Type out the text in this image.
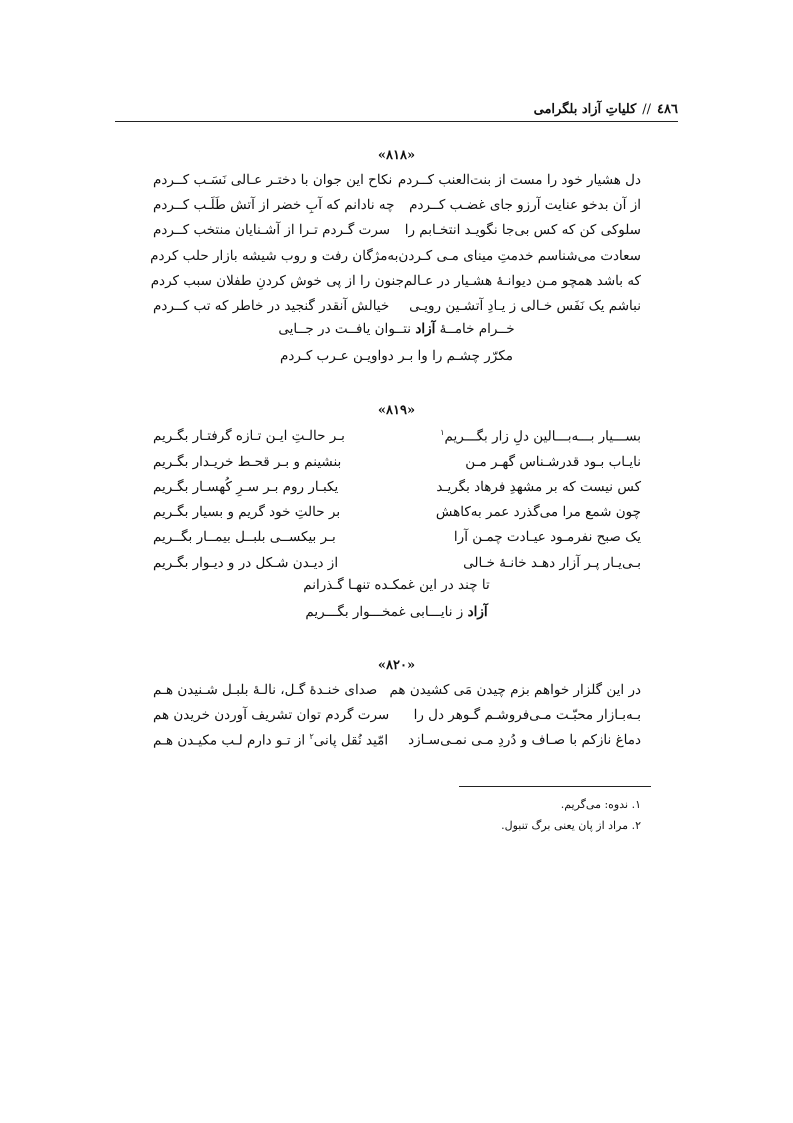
٤٨٦
//
کلیاتِ آزاد بلگرامی
«۸۱۸»
دل هشیار خود را مست از بنت‌العنب کــردم
نکاح این جوان با دختـر عـالی نَسَـب کــردم
از آن بدخو عنایت آرزو جای غضـب کــردم
چه نادانم که آبِ خضر از آتش طَلَـب کــردم
سلوکی کن که کس بی‌جا نگویـد انتخـابم را
سرت گـردم تـرا از آشـنایان منتخب کــردم
سعادت می‌شناسم خدمتِ مینای مـی کـردن
به‌مژگان رفت و روب شیشه بازار حلب کردم
که باشد همچو مـن دیوانـهٔ هشـیار در عـالم
جنون را از پی خوش کردنِ طفلان سبب کردم
نباشم یک نَفَس خـالی ز یـادِ آتشـین رویـی
خیالش آنقدر گنجید در خاطر که تب کــردم
خــرام خامــهٔ آزاد نتــوان یافــت در جــایی
مکرّر چشـم را وا بـر دواویـن عـرب کـردم
«۸۱۹»
بســـیار بـــه‌بـــالین دلِ زار بگـــریم$^۱$
بـر حالـتِ ایـن تـازه گرفتـار بگـریم
نایـاب بـود قدرشـناس گهـر مـن
بنشینم و بـر قحـط خریـدار بگـریم
کس نیست که بر مشهدِ فرهاد بگریـد
یکبـار روم بـر سـرِ کُهسـار بگـریم
چون شمع مرا می‌گذرد عمر به‌کاهش
بر حالتِ خود گریم و بسیار بگـریم
یک صبح نفرمـود عیـادت چمـن آرا
بـر بیکســی بلبــل بیمــار بگــریم
بـی‌یـار پـر آزار دهـد خانـهٔ خـالی
از دیـدن شـکل در و دیـوار بگـریم
تا چند در این غمکـده تنهـا گـذرانم
آزاد ز نایـــابی غمخـــوار بگـــریم
«۸۲۰»
در این گلزار خواهم بزم چیدن مَی کشیدن هم
صدای خنـدهٔ گـل، نالـهٔ بلبـل شـنیدن هـم
بـه‌بـازار محبّـت مـی‌فروشـم گـوهر دل را
سرت گردم توان تشریف آوردن خریدن هم
دماغ نازکم با صـاف و دُردِ مـی نمـی‌سـازد
امّید نُقل پانی$^۲$ از تـو دارم لـب مکیـدن هـم
۱. ندوه: می‌گریم.
۲. مراد از پان یعنی برگ تنبول.
